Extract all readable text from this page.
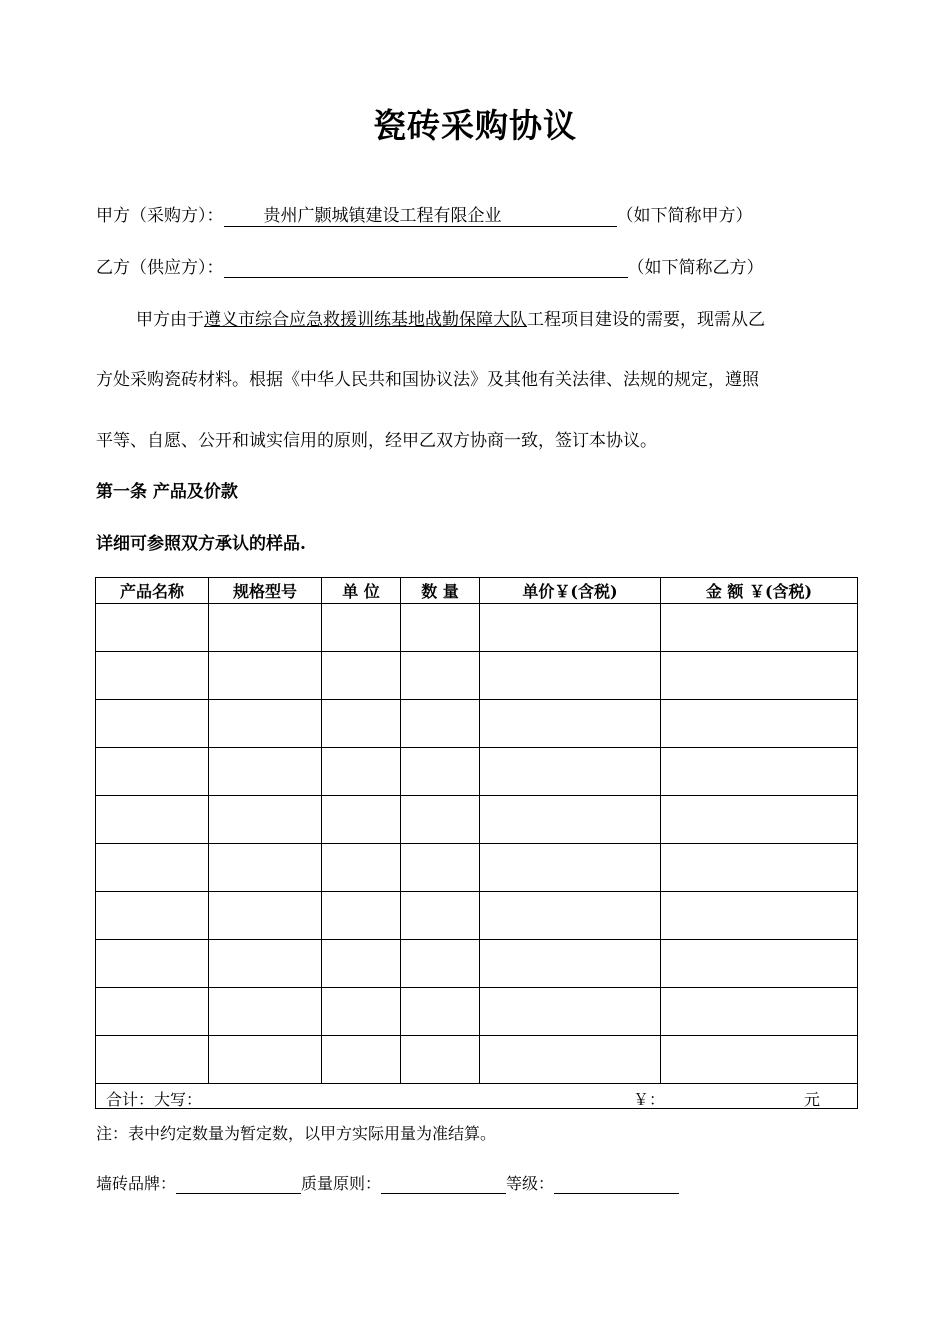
瓷砖采购协议
甲方（采购方）： 贵州广颢城镇建设工程有限企业	（如下简称甲方）
乙方（供应方）：	（如下简称乙方）
甲方由于遵义市综合应急救援训练基地战勤保障大队工程项目建设的需要，现需从乙
方处采购瓷砖材料。根据《中华人民共和国协议法》及其他有关法律、法规的规定，遵照
平等、自愿、公开和诚实信用的原则，经甲乙双方协商一致，签订本协议。
第一条 产品及价款
详细可参照双方承认的样品.
产品名称	规格型号	单 位	数 量	单价￥(含税)	金 额 ￥(含税)

合计：大写： ￥： 元					
注：表中约定数量为暂定数，以甲方实际用量为准结算。
墙砖品牌：	质量原则：	等级：
